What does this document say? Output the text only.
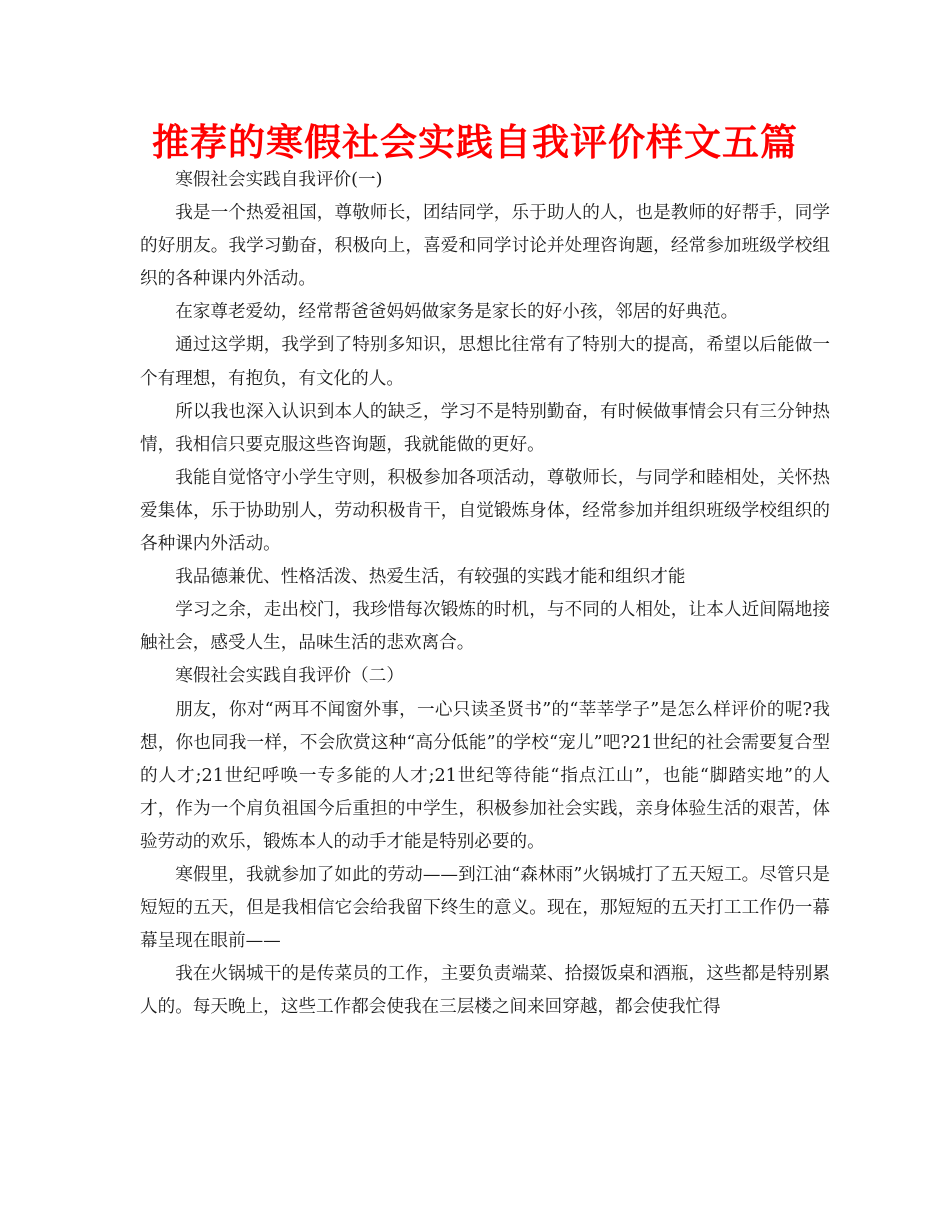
推荐的寒假社会实践自我评价样文五篇

寒假社会实践自我评价(一)

我是一个热爱祖国，尊敬师长，团结同学，乐于助人的人，也是教师的好帮手，同学的好朋友。我学习勤奋，积极向上，喜爱和同学讨论并处理咨询题，经常参加班级学校组织的各种课内外活动。

在家尊老爱幼，经常帮爸爸妈妈做家务是家长的好小孩，邻居的好典范。

通过这学期，我学到了特别多知识，思想比往常有了特别大的提高，希望以后能做一个有理想，有抱负，有文化的人。

所以我也深入认识到本人的缺乏，学习不是特别勤奋，有时候做事情会只有三分钟热情，我相信只要克服这些咨询题，我就能做的更好。

我能自觉恪守小学生守则，积极参加各项活动，尊敬师长，与同学和睦相处，关怀热爱集体，乐于协助别人，劳动积极肯干，自觉锻炼身体，经常参加并组织班级学校组织的各种课内外活动。

我品德兼优、性格活泼、热爱生活，有较强的实践才能和组织才能

学习之余，走出校门，我珍惜每次锻炼的时机，与不同的人相处，让本人近间隔地接触社会，感受人生，品味生活的悲欢离合。

寒假社会实践自我评价（二）

朋友，你对“两耳不闻窗外事，一心只读圣贤书”的“莘莘学子”是怎么样评价的呢?我想，你也同我一样，不会欣赏这种“高分低能”的学校“宠儿”吧?21世纪的社会需要复合型的人才;21世纪呼唤一专多能的人才;21世纪等待能“指点江山”，也能“脚踏实地”的人才，作为一个肩负祖国今后重担的中学生，积极参加社会实践，亲身体验生活的艰苦，体验劳动的欢乐，锻炼本人的动手才能是特别必要的。

寒假里，我就参加了如此的劳动——到江油“森林雨”火锅城打了五天短工。尽管只是短短的五天，但是我相信它会给我留下终生的意义。现在，那短短的五天打工工作仍一幕幕呈现在眼前——

我在火锅城干的是传菜员的工作，主要负责端菜、拾掇饭桌和酒瓶，这些都是特别累人的。每天晚上，这些工作都会使我在三层楼之间来回穿越，都会使我忙得
